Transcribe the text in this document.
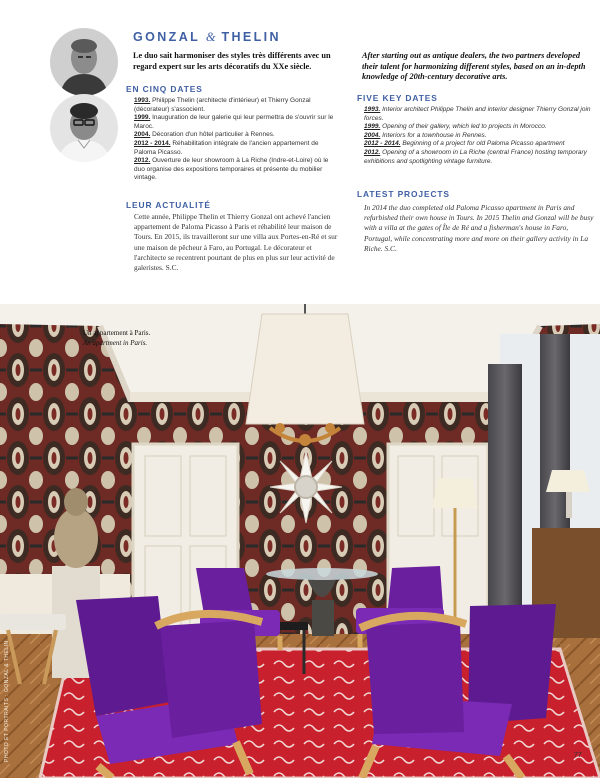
GONZAL & THELIN
Le duo sait harmoniser des styles très différents avec un regard expert sur les arts décoratifs du XXe siècle.
After starting out as antique dealers, the two partners developed their talent for harmonizing different styles, based on an in-depth knowledge of 20th-century decorative arts.
EN CINQ DATES
1993. Philippe Thelin (architecte d'intérieur) et Thierry Gonzal (décorateur) s'associent.
1999. Inauguration de leur galerie qui leur permettra de s'ouvrir sur le Maroc.
2004. Décoration d'un hôtel particulier à Rennes.
2012 - 2014. Réhabilitation intégrale de l'ancien appartement de Paloma Picasso.
2012. Ouverture de leur showroom à La Riche (Indre-et-Loire) où le duo organise des expositions temporaires et présente du mobilier vintage.
LEUR ACTUALITÉ
Cette année, Philippe Thelin et Thierry Gonzal ont achevé l'ancien appartement de Paloma Picasso à Paris et réhabilité leur maison de Tours. En 2015, ils travailleront sur une villa aux Portes-en-Ré et sur une maison de pêcheur à Faro, au Portugal. Le décorateur et l'architecte se recentrent pourtant de plus en plus sur leur activité de galeristes. S.C.
FIVE KEY DATES
1993. Interior architect Philippe Thelin and interior designer Thierry Gonzal join forces.
1999. Opening of their gallery, which led to projects in Morocco.
2004. Interiors for a townhouse in Rennes.
2012 - 2014. Beginning of a project for old Paloma Picasso apartment
2012. Opening of a showroom in La Riche (central France) hosting temporary exhibitions and spotlighting vintage furniture.
LATEST PROJECTS
In 2014 the duo completed old Paloma Picasso apartment in Paris and refurbished their own house in Tours. In 2015 Thelin and Gonzal will be busy with a villa at the gates of Île de Ré and a fisherman's house in Faro, Portugal, while concentrating more and more on their gallery activity in La Riche. S.C.
Un appartement à Paris.
An apartment in Paris.
PHOTO ET PORTRAITS : GONZAL & THELIN	77
